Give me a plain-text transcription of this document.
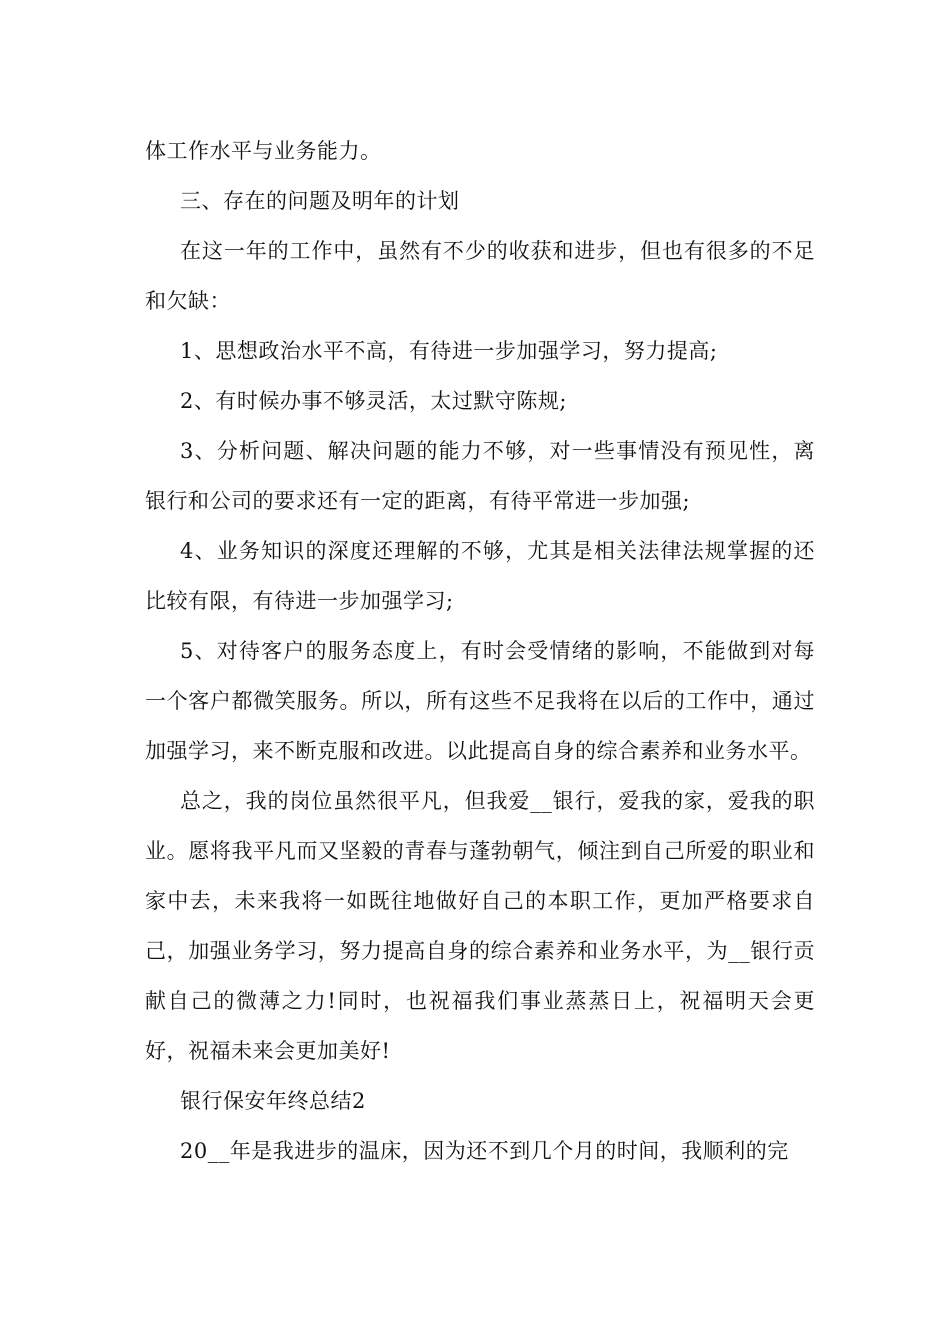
体工作水平与业务能力。

三、存在的问题及明年的计划

在这一年的工作中，虽然有不少的收获和进步，但也有很多的不足和欠缺：

1、思想政治水平不高，有待进一步加强学习，努力提高;

2、有时候办事不够灵活，太过默守陈规;

3、分析问题、解决问题的能力不够，对一些事情没有预见性，离银行和公司的要求还有一定的距离，有待平常进一步加强;

4、业务知识的深度还理解的不够，尤其是相关法律法规掌握的还比较有限，有待进一步加强学习;

5、对待客户的服务态度上，有时会受情绪的影响，不能做到对每一个客户都微笑服务。所以，所有这些不足我将在以后的工作中，通过加强学习，来不断克服和改进。以此提高自身的综合素养和业务水平。

总之，我的岗位虽然很平凡，但我爱__银行，爱我的家，爱我的职业。愿将我平凡而又坚毅的青春与蓬勃朝气，倾注到自己所爱的职业和家中去，未来我将一如既往地做好自己的本职工作，更加严格要求自己，加强业务学习，努力提高自身的综合素养和业务水平，为__银行贡献自己的微薄之力!同时，也祝福我们事业蒸蒸日上，祝福明天会更好，祝福未来会更加美好!

银行保安年终总结2

20__年是我进步的温床，因为还不到几个月的时间，我顺利的完
